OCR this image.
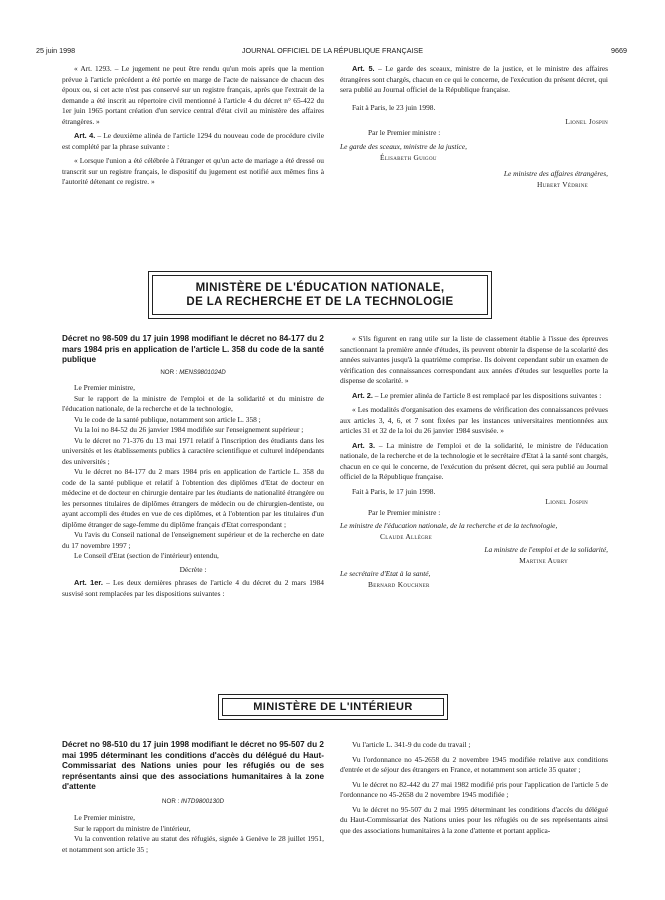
25 juin 1998	JOURNAL OFFICIEL DE LA RÉPUBLIQUE FRANÇAISE	9669

« Art. 1293. – Le jugement ne peut être rendu qu'un mois après que la mention prévue à l'article précédent a été portée en marge de l'acte de naissance de chacun des époux ou, si cet acte n'est pas conservé sur un registre français, après que l'extrait de la demande a été inscrit au répertoire civil mentionné à l'article 4 du décret n° 65-422 du 1er juin 1965 portant création d'un service central d'état civil au ministère des affaires étrangères. »

Art. 4. – Le deuxième alinéa de l'article 1294 du nouveau code de procédure civile est complété par la phrase suivante :

« Lorsque l'union a été célébrée à l'étranger et qu'un acte de mariage a été dressé ou transcrit sur un registre français, le dispositif du jugement est notifié aux mêmes fins à l'autorité détenant ce registre. »

Art. 5. – Le garde des sceaux, ministre de la justice, et le ministre des affaires étrangères sont chargés, chacun en ce qui le concerne, de l'exécution du présent décret, qui sera publié au Journal officiel de la République française.

Fait à Paris, le 23 juin 1998.

Lionel Jospin

Par le Premier ministre :

Le garde des sceaux, ministre de la justice,

Élisabeth Guigou

Le ministre des affaires étrangères,

Hubert Védrine

MINISTÈRE DE L'ÉDUCATION NATIONALE,
DE LA RECHERCHE ET DE LA TECHNOLOGIE
Décret no 98-509 du 17 juin 1998 modifiant le décret no 84-177 du 2 mars 1984 pris en application de l'article L. 358 du code de la santé publique
NOR : MENS9801024D

Le Premier ministre,

Sur le rapport de la ministre de l'emploi et de la solidarité et du ministre de l'éducation nationale, de la recherche et de la technologie,

Vu le code de la santé publique, notamment son article L. 358 ;

Vu la loi no 84-52 du 26 janvier 1984 modifiée sur l'enseignement supérieur ;

Vu le décret no 71-376 du 13 mai 1971 relatif à l'inscription des étudiants dans les universités et les établissements publics à caractère scientifique et culturel indépendants des universités ;

Vu le décret no 84-177 du 2 mars 1984 pris en application de l'article L. 358 du code de la santé publique et relatif à l'obtention des diplômes d'Etat de docteur en médecine et de docteur en chirurgie dentaire par les étudiants de nationalité étrangère ou les personnes titulaires de diplômes étrangers de médecin ou de chirurgien-dentiste, ou ayant accompli des études en vue de ces diplômes, et à l'obtention par les titulaires d'un diplôme étranger de sage-femme du diplôme français d'Etat correspondant ;

Vu l'avis du Conseil national de l'enseignement supérieur et de la recherche en date du 17 novembre 1997 ;

Le Conseil d'Etat (section de l'intérieur) entendu,

Décrète :

Art. 1er. – Les deux dernières phrases de l'article 4 du décret du 2 mars 1984 susvisé sont remplacées par les dispositions suivantes :

« S'ils figurent en rang utile sur la liste de classement établie à l'issue des épreuves sanctionnant la première année d'études, ils peuvent obtenir la dispense de la scolarité des années suivantes jusqu'à la quatrième comprise. Ils doivent cependant subir un examen de vérification des connaissances correspondant aux années d'études sur lesquelles porte la dispense de scolarité. »

Art. 2. – Le premier alinéa de l'article 8 est remplacé par les dispositions suivantes :

« Les modalités d'organisation des examens de vérification des connaissances prévues aux articles 3, 4, 6, et 7 sont fixées par les instances universitaires mentionnées aux articles 31 et 32 de la loi du 26 janvier 1984 susvisée. »

Art. 3. – La ministre de l'emploi et de la solidarité, le ministre de l'éducation nationale, de la recherche et de la technologie et le secrétaire d'Etat à la santé sont chargés, chacun en ce qui le concerne, de l'exécution du présent décret, qui sera publié au Journal officiel de la République française.

Fait à Paris, le 17 juin 1998.

Lionel Jospin

Par le Premier ministre :

Le ministre de l'éducation nationale, de la recherche et de la technologie,

Claude Allègre

La ministre de l'emploi et de la solidarité,

Martine Aubry

Le secrétaire d'Etat à la santé,

Bernard Kouchner

MINISTÈRE DE L'INTÉRIEUR
Décret no 98-510 du 17 juin 1998 modifiant le décret no 95-507 du 2 mai 1995 déterminant les conditions d'accès du délégué du Haut-Commissariat des Nations unies pour les réfugiés ou de ses représentants ainsi que des associations humanitaires à la zone d'attente
NOR : INTD9800130D

Le Premier ministre,

Sur le rapport du ministre de l'intérieur,

Vu la convention relative au statut des réfugiés, signée à Genève le 28 juillet 1951, et notamment son article 35 ;

Vu l'article L. 341-9 du code du travail ;

Vu l'ordonnance no 45-2658 du 2 novembre 1945 modifiée relative aux conditions d'entrée et de séjour des étrangers en France, et notamment son article 35 quater ;

Vu le décret no 82-442 du 27 mai 1982 modifié pris pour l'application de l'article 5 de l'ordonnance no 45-2658 du 2 novembre 1945 modifiée ;

Vu le décret no 95-507 du 2 mai 1995 déterminant les conditions d'accès du délégué du Haut-Commissariat des Nations unies pour les réfugiés ou de ses représentants ainsi que des associations humanitaires à la zone d'attente et portant applica-
